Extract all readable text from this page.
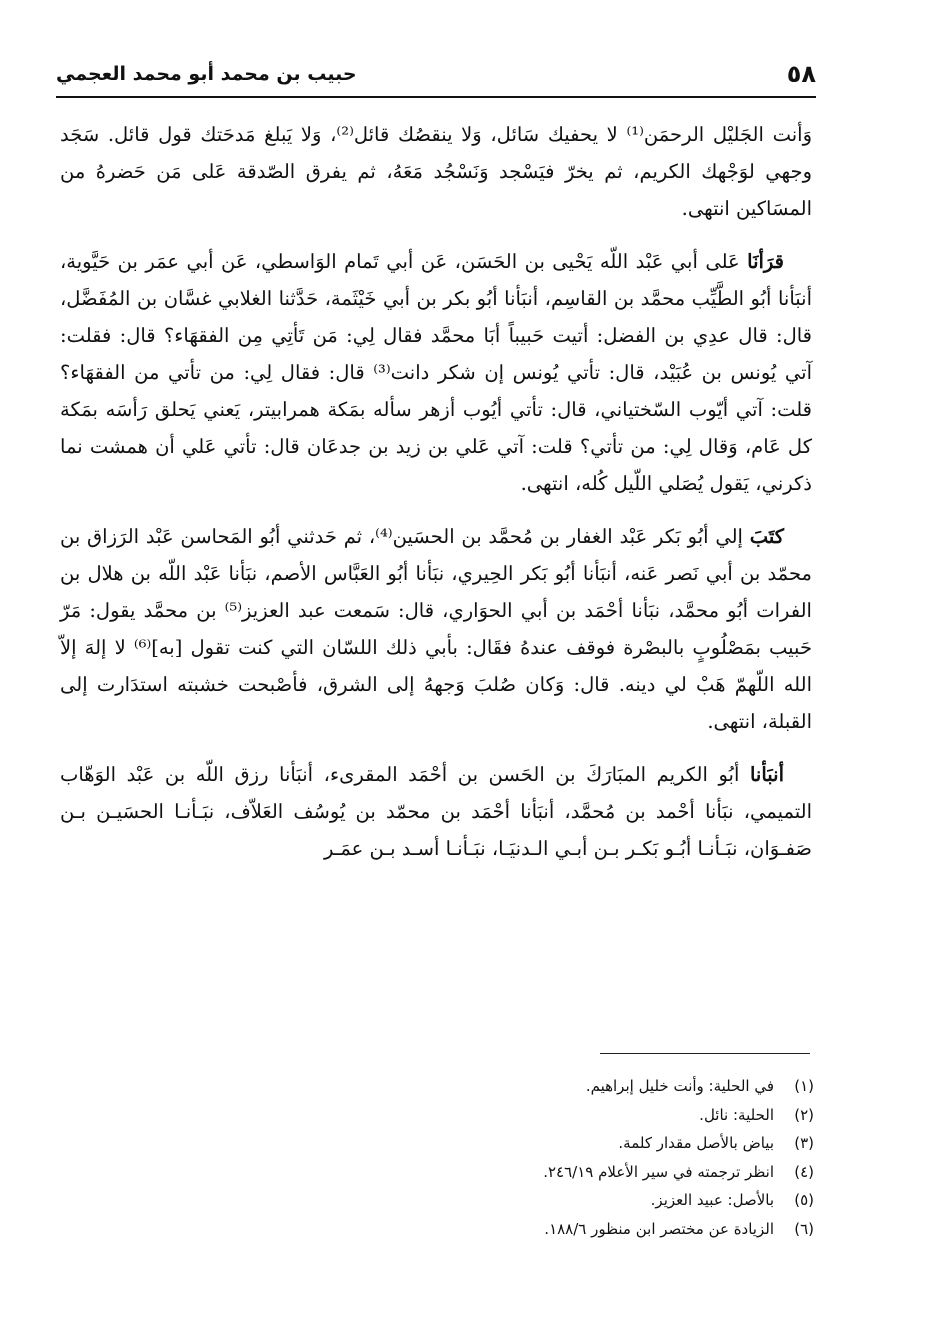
٥٨
حبيب بن محمد أبو محمد العجمي

وَأنت الجَليْل الرحمَن⁽¹⁾ لا يحفيك سَائل، وَلا ينقصُك قائل⁽²⁾، وَلا يَبلغ مَدحَتك قول قائل. سَجَد وجهي لوَجْهك الكريم، ثم يخرّ فيَسْجد وَنَسْجُد مَعَهُ، ثم يفرق الصّدقة عَلى مَن حَضرهُ من المسَاكين انتهى.

قرَأنَا عَلى أبي عَبْد اللّه يَحْيى بن الحَسَن، عَن أبي تَمام الوَاسطي، عَن أبي عمَر بن حَيَّوية، أنبَأنا أبُو الطَّيِّب محمَّد بن القاسِم، أنبَأنا أبُو بكر بن أبي خَيْثَمة، حَدَّثنا الغلابي غسَّان بن المُفَضَّل، قال: قال عدِي بن الفضل: أتيت حَبيباً أبَا محمَّد فقال لِي: مَن تَأتِي مِن الفقهَاء؟ قال: فقلت: آتي يُونس بن عُبَيْد، قال: تأتي يُونس إن شكر دانت⁽³⁾ قال: فقال لِي: من تأتي من الفقهَاء؟ قلت: آتي أيّوب السّختياني، قال: تأتي أيُوب أزهر سأله بمَكة همرابيتر، يَعني يَحلق رَأسَه بمَكة كل عَام، وَقال لِي: من تأتي؟ قلت: آتي عَلي بن زيد بن جدعَان قال: تأتي عَلي أن همشت نما ذكرني، يَقول يُصَلي اللّيل كُله، انتهى.

كتَبَ إلي أبُو بَكر عَبْد الغفار بن مُحمَّد بن الحسَين⁽⁴⁾، ثم حَدثني أبُو المَحاسن عَبْد الرَزاق بن محمّد بن أبي نَصر عَنه، أنبَأنا أبُو بَكر الحِيري، نبَأنا أبُو العَبَّاس الأصم، نبَأنا عَبْد اللّه بن هلال بن الفرات أبُو محمَّد، نبَأنا أحْمَد بن أبي الحوَاري، قال: سَمعت عبد العزيز⁽⁵⁾ بن محمَّد يقول: مَرّ حَبيب بمَصْلُوبٍ بالبصْرة فوقف عندهُ فقَال: بأبي ذلك اللسّان التي كنت تقول [به]⁽⁶⁾ لا إلهَ إلاّ الله اللّهمّ هَبْ لي دينه. قال: وَكان صُلبَ وَجههُ إلى الشرق، فأصْبحت خشبته استدَارت إلى القبلة، انتهى.

أنبَأنا أبُو الكريم المبَارَكَ بن الحَسن بن أحْمَد المقرىء، أنبَأنا رزق اللّه بن عَبْد الوَهّاب التميمي، نبَأنا أحْمد بن مُحمَّد، أنبَأنا أحْمَد بن محمّد بن يُوسُف العَلاّف، نبَـأنـا الحسَيـن بـن صَفـوَان، نبَـأنـا أبُـو بَكـر بـن أبـي الـدنيَـا، نبَـأنـا أسـد بـن عمَـر

(١)في الحلية: وأنت خليل إبراهيم.
(٢)الحلية: نائل.
(٣)بياض بالأصل مقدار كلمة.
(٤)انظر ترجمته في سير الأعلام ٢٤٦/١٩.
(٥)بالأصل: عبيد العزيز.
(٦)الزيادة عن مختصر ابن منظور ١٨٨/٦.
